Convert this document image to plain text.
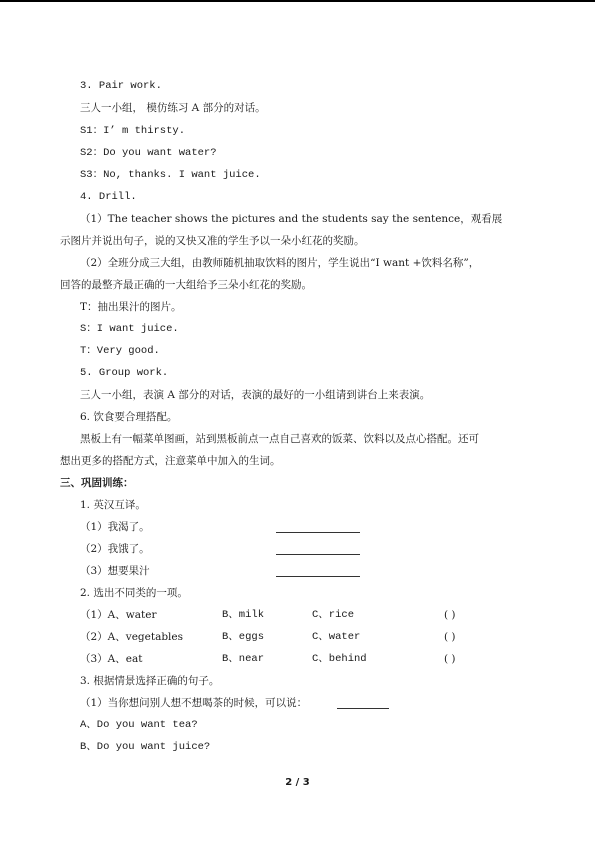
3. Pair work.
三人一小组， 模仿练习 A 部分的对话。
S1：I’ m thirsty.
S2：Do you want water?
S3：No, thanks. I want juice.
4. Drill.
（1）The teacher shows the pictures and the students say the sentence，观看展
示图片并说出句子，说的又快又准的学生予以一朵小红花的奖励。
（2）全班分成三大组，由教师随机抽取饮料的图片，学生说出“I want +饮料名称”，
回答的最整齐最正确的一大组给予三朵小红花的奖励。
T：抽出果汁的图片。
S：I want juice.
T：Very good.
5. Group work.
三人一小组，表演 A 部分的对话，表演的最好的一小组请到讲台上来表演。
6. 饮食要合理搭配。
黑板上有一幅菜单图画，站到黑板前点一点自己喜欢的饭菜、饮料以及点心搭配。还可
想出更多的搭配方式，注意菜单中加入的生词。
三、巩固训练：
1. 英汉互译。
（1）我渴了。
（2）我饿了。
（3）想要果汁
2. 选出不同类的一项。
（1）A、water	B、milk	C、rice	( )
（2）A、vegetables	B、eggs	C、water	( )
（3）A、eat	B、near	C、behind	( )
3. 根据情景选择正确的句子。
（1）当你想问别人想不想喝茶的时候，可以说：
A、Do you want tea?
B、Do you want juice?
2 / 3
